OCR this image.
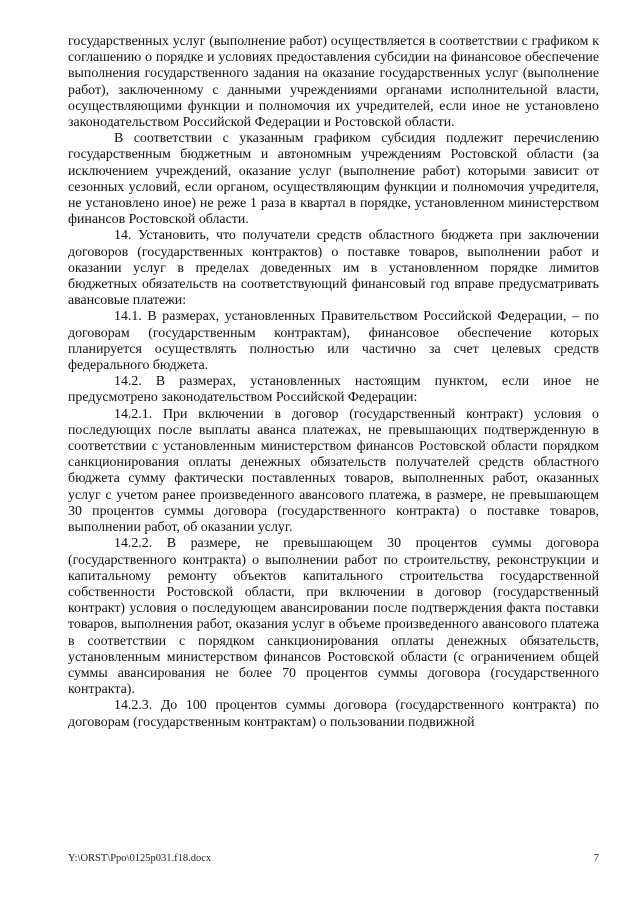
государственных услуг (выполнение работ) осуществляется в соответствии с графиком к соглашению о порядке и условиях предоставления субсидии на финансовое обеспечение выполнения государственного задания на оказание государственных услуг (выполнение работ), заключенному с данными учреждениями органами исполнительной власти, осуществляющими функции и полномочия их учредителей, если иное не установлено законодательством Российской Федерации и Ростовской области.

В соответствии с указанным графиком субсидия подлежит перечислению государственным бюджетным и автономным учреждениям Ростовской области (за исключением учреждений, оказание услуг (выполнение работ) которыми зависит от сезонных условий, если органом, осуществляющим функции и полномочия учредителя, не установлено иное) не реже 1 раза в квартал в порядке, установленном министерством финансов Ростовской области.

14. Установить, что получатели средств областного бюджета при заключении договоров (государственных контрактов) о поставке товаров, выполнении работ и оказании услуг в пределах доведенных им в установленном порядке лимитов бюджетных обязательств на соответствующий финансовый год вправе предусматривать авансовые платежи:

14.1. В размерах, установленных Правительством Российской Федерации, – по договорам (государственным контрактам), финансовое обеспечение которых планируется осуществлять полностью или частично за счет целевых средств федерального бюджета.

14.2. В размерах, установленных настоящим пунктом, если иное не предусмотрено законодательством Российской Федерации:

14.2.1. При включении в договор (государственный контракт) условия о последующих после выплаты аванса платежах, не превышающих подтвержденную в соответствии с установленным министерством финансов Ростовской области порядком санкционирования оплаты денежных обязательств получателей средств областного бюджета сумму фактически поставленных товаров, выполненных работ, оказанных услуг с учетом ранее произведенного авансового платежа, в размере, не превышающем 30 процентов суммы договора (государственного контракта) о поставке товаров, выполнении работ, об оказании услуг.

14.2.2. В размере, не превышающем 30 процентов суммы договора (государственного контракта) о выполнении работ по строительству, реконструкции и капитальному ремонту объектов капитального строительства государственной собственности Ростовской области, при включении в договор (государственный контракт) условия о последующем авансировании после подтверждения факта поставки товаров, выполнения работ, оказания услуг в объеме произведенного авансового платежа в соответствии с порядком санкционирования оплаты денежных обязательств, установленным министерством финансов Ростовской области (с ограничением общей суммы авансирования не более 70 процентов суммы договора (государственного контракта).

14.2.3. До 100 процентов суммы договора (государственного контракта) по договорам (государственным контрактам) о пользовании подвижной

Y:\ORST\Ppo\0125p031.f18.docx	7
